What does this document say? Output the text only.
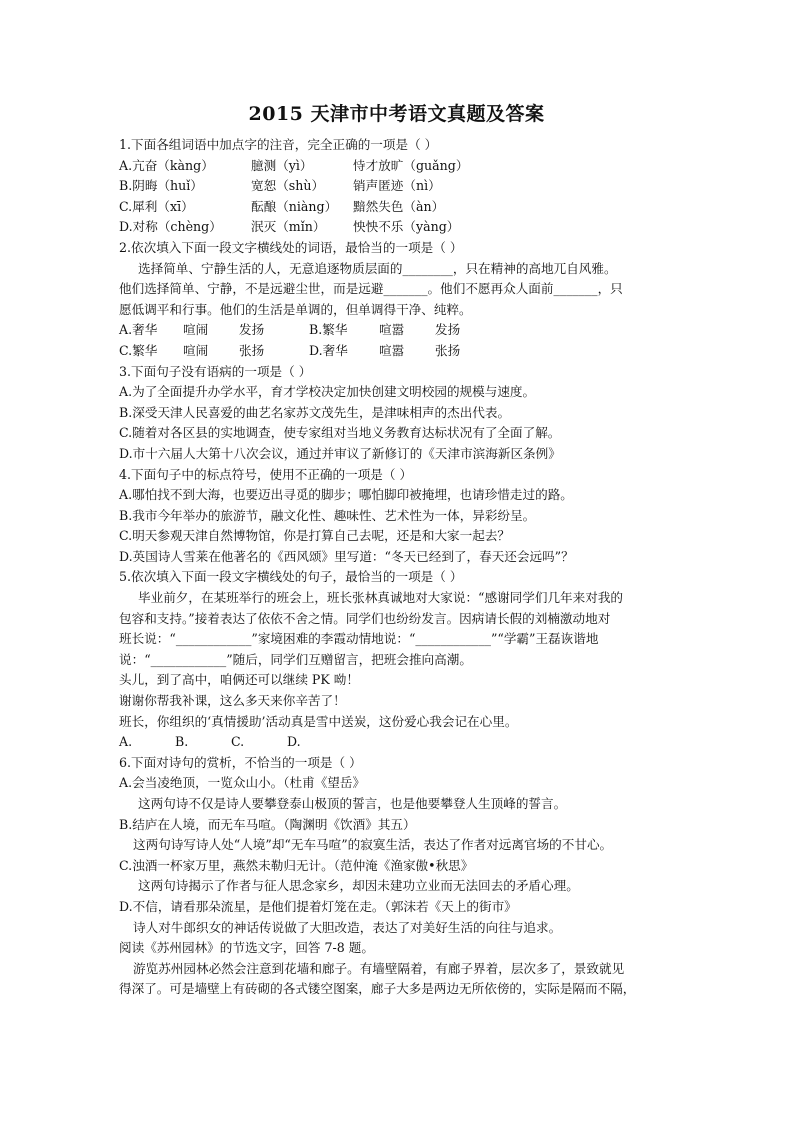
2015 天津市中考语文真题及答案
1.下面各组词语中加点字的注音，完全正确的一项是（ ）
A.亢奋（kàng）	臆测（yì）	恃才放旷（guǎng）
B.阴晦（huǐ）	宽恕（shù）	销声匿迹（nì）
C.犀利（xī）	酝酿（niàng）	黯然失色（àn）
D.对称（chèng）	泯灭（mǐn）	怏怏不乐（yàng）
2.依次填入下面一段文字横线处的词语，最恰当的一项是（ ）
选择简单、宁静生活的人，无意追逐物质层面的________，只在精神的高地兀自风雅。
他们选择简单、宁静，不是远避尘世，而是远避_______。他们不愿再众人面前_______，只
愿低调平和行事。他们的生活是单调的，但单调得干净、纯粹。
A.奢华	喧闹	发扬	B.繁华	喧嚣	发扬
C.繁华	喧闹	张扬	D.奢华	喧嚣	张扬
3.下面句子没有语病的一项是（ ）
A.为了全面提升办学水平，育才学校决定加快创建文明校园的规模与速度。
B.深受天津人民喜爱的曲艺名家苏文茂先生，是津味相声的杰出代表。
C.随着对各区县的实地调查，使专家组对当地义务教育达标状况有了全面了解。
D.市十六届人大第十八次会议，通过并审议了新修订的《天津市滨海新区条例》
4.下面句子中的标点符号，使用不正确的一项是（ ）
A.哪怕找不到大海，也要迈出寻觅的脚步；哪怕脚印被掩埋，也请珍惜走过的路。
B.我市今年举办的旅游节，融文化性、趣味性、艺术性为一体，异彩纷呈。
C.明天参观天津自然博物馆，你是打算自己去呢，还是和大家一起去？
D.英国诗人雪莱在他著名的《西风颂》里写道：“冬天已经到了，春天还会远吗”？
5.依次填入下面一段文字横线处的句子，最恰当的一项是（ ）
毕业前夕，在某班举行的班会上，班长张林真诚地对大家说：“感谢同学们几年来对我的
包容和支持。”接着表达了依依不舍之情。同学们也纷纷发言。因病请长假的刘楠激动地对
班长说：“____________”家境困难的李霞动情地说：“____________”“学霸”王磊诙谐地
说：“____________”随后，同学们互赠留言，把班会推向高潮。
头儿，到了高中，咱俩还可以继续 PK 呦！
谢谢你帮我补课，这么多天来你辛苦了！
班长，你组织的‘真情援助’活动真是雪中送炭，这份爱心我会记在心里。
A.	B.	C.	D.
6.下面对诗句的赏析，不恰当的一项是（ ）
A.会当凌绝顶，一览众山小。（杜甫《望岳》
这两句诗不仅是诗人要攀登泰山极顶的誓言，也是他要攀登人生顶峰的誓言。
B.结庐在人境，而无车马喧。（陶渊明《饮酒》其五）
这两句诗写诗人处“人境”却“无车马喧”的寂寞生活，表达了作者对远离官场的不甘心。
C.浊酒一杯家万里，燕然未勒归无计。（范仲淹《渔家傲•秋思》
这两句诗揭示了作者与征人思念家乡，却因未建功立业而无法回去的矛盾心理。
D.不信，请看那朵流星，是他们提着灯笼在走。（郭沫若《天上的街市》
诗人对牛郎织女的神话传说做了大胆改造，表达了对美好生活的向往与追求。
阅读《苏州园林》的节选文字，回答 7-8 题。
游览苏州园林必然会注意到花墙和廊子。有墙壁隔着，有廊子界着，层次多了，景致就见
得深了。可是墙壁上有砖砌的各式镂空图案，廊子大多是两边无所依傍的，实际是隔而不隔，
